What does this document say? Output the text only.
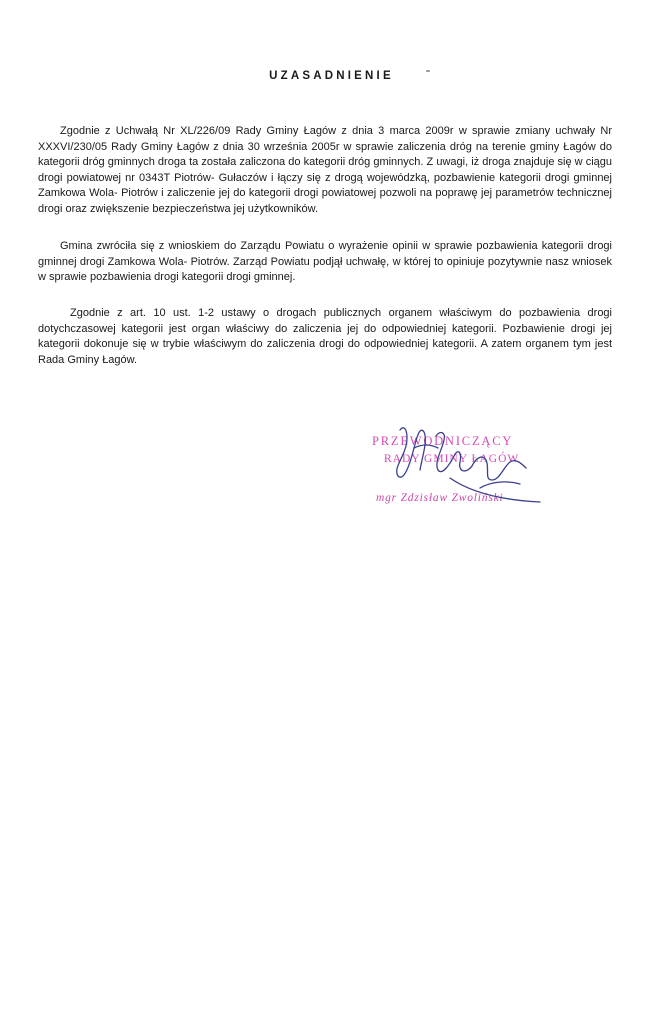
UZASADNIENIE

Zgodnie z Uchwałą Nr XL/226/09 Rady Gminy Łagów z dnia 3 marca 2009r w sprawie zmiany uchwały Nr XXXVI/230/05 Rady Gminy Łagów z dnia 30 września 2005r w sprawie zaliczenia dróg na terenie gminy Łagów do kategorii dróg gminnych droga ta została zaliczona do kategorii dróg gminnych. Z uwagi, iż droga znajduje się w ciągu drogi powiatowej nr 0343T Piotrów- Gułaczów i łączy się z drogą wojewódzką, pozbawienie kategorii drogi gminnej Zamkowa Wola- Piotrów i zaliczenie jej do kategorii drogi powiatowej pozwoli na poprawę jej parametrów technicznej drogi oraz zwiększenie bezpieczeństwa jej użytkowników.

Gmina zwróciła się z wnioskiem do Zarządu Powiatu o wyrażenie opinii w sprawie pozbawienia kategorii drogi gminnej drogi Zamkowa Wola- Piotrów. Zarząd Powiatu podjął uchwałę, w której to opiniuje pozytywnie nasz wniosek w sprawie pozbawienia drogi kategorii drogi gminnej.

Zgodnie z art. 10 ust. 1-2 ustawy o drogach publicznych organem właściwym do pozbawienia drogi dotychczasowej kategorii jest organ właściwy do zaliczenia jej do odpowiedniej kategorii. Pozbawienie drogi jej kategorii dokonuje się w trybie właściwym do zaliczenia drogi do odpowiedniej kategorii. A zatem organem tym jest Rada Gminy Łagów.

PRZEWODNICZĄCY
RADY GMINY ŁAGÓW
mgr Zdzisław Zwoliński
